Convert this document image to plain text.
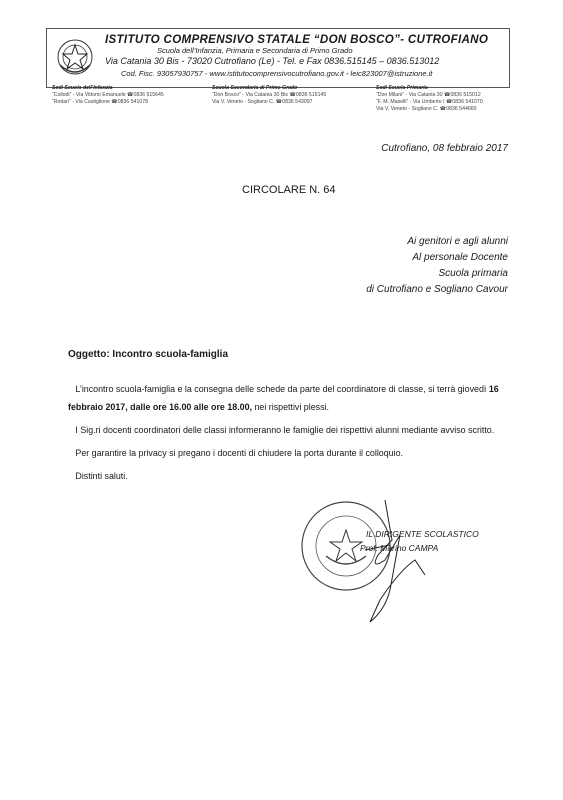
ISTITUTO COMPRENSIVO STATALE “DON BOSCO”- CUTROFIANO
Scuola dell’Infanzia, Primaria e Secondaria di Primo Grado
Via Catania 30 Bis - 73020 Cutrofiano (Le) - Tel. e Fax 0836.515145 – 0836.513012
Cod. Fisc. 93057930757 - www.istitutocomprensivocutrofiano.gov.it - leic823007@istruzione.it
Sedi Scuola dell’Infanzia
“Collodi” - Via Vittorio Emanuele ☎0836 515645
“Rodari” - Via Castiglione ☎0836 541078
Scuola Secondaria di Primo Grado
“Don Bosco” - Via Catania 30 Bis ☎0836 515145
Via V. Veneto - Sogliano C. ☎0836 543097
Sedi Scuola Primaria
“Don Milani” - Via Catania 30 ☎0836 515012
“F. M. Maselli” - Via Umberto I ☎0836 541070
Via V. Veneto - Sogliano C. ☎0836 544660
Cutrofiano, 08 febbraio 2017
CIRCOLARE N. 64
Ai genitori e agli alunni
Al personale Docente
Scuola primaria
di Cutrofiano e Sogliano Cavour
Oggetto: Incontro scuola-famiglia

L’incontro scuola-famiglia e la consegna delle schede da parte del coordinatore di classe, si terrà giovedì 16 febbraio 2017, dalle ore 16.00 alle ore 18.00, nei rispettivi plessi.

I Sig.ri docenti coordinatori delle classi informeranno le famiglie dei rispettivi alunni mediante avviso scritto.

Per garantire la privacy si pregano i docenti di chiudere la porta durante il colloquio.

Distinti saluti.

IL DIRIGENTE SCOLASTICO
Prof. Marino CAMPA
